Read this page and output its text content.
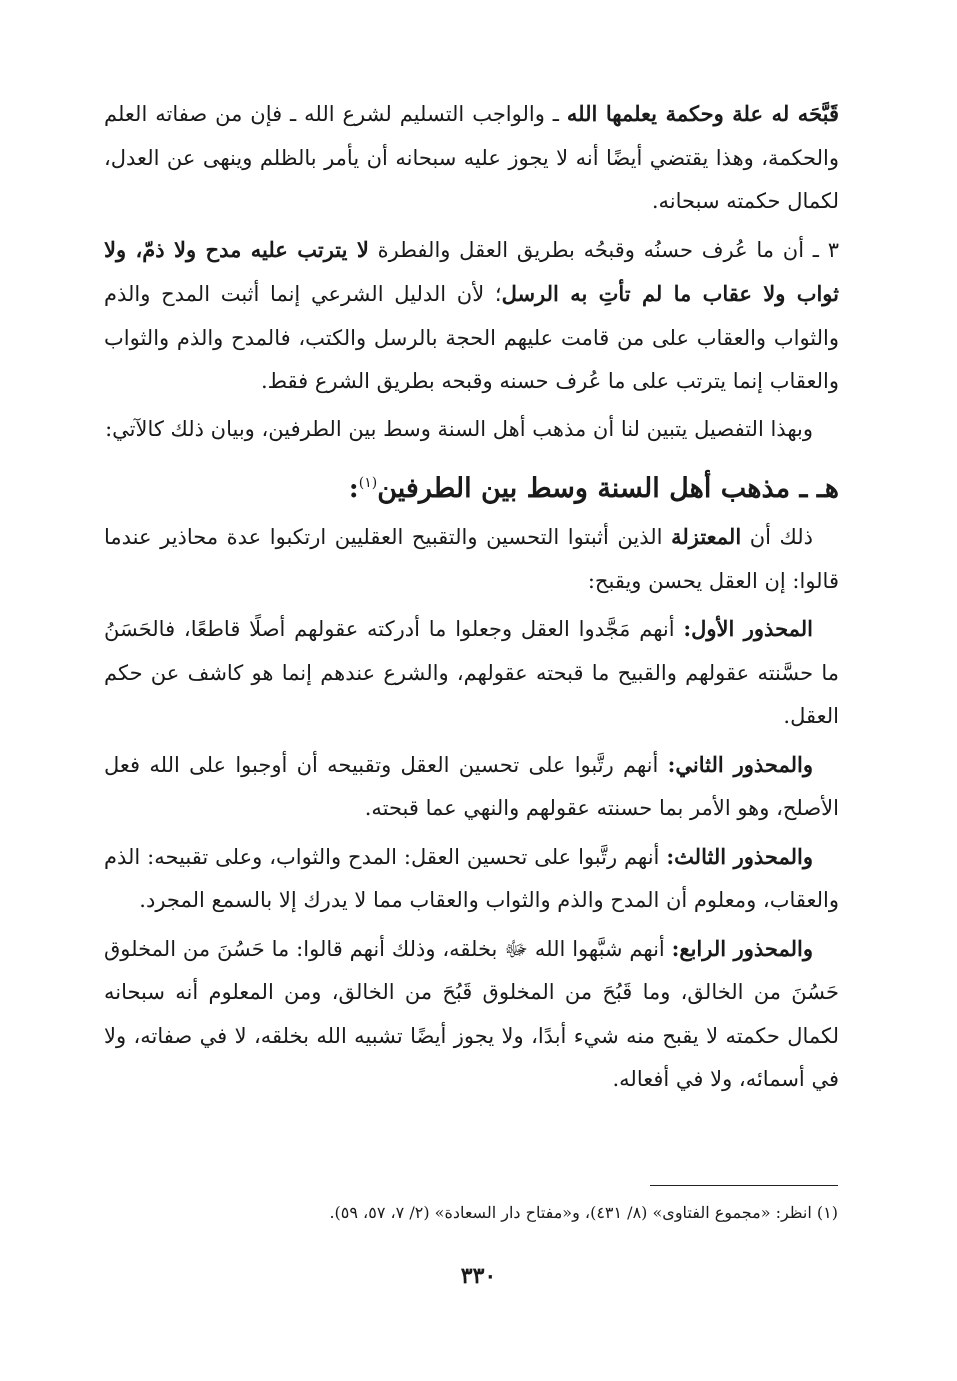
قَبَّحَه له علة وحكمة يعلمها الله ـ والواجب التسليم لشرع الله ـ فإن من صفاته العلم والحكمة، وهذا يقتضي أيضًا أنه لا يجوز عليه سبحانه أن يأمر بالظلم وينهى عن العدل، لكمال حكمته سبحانه.

٣ ـ أن ما عُرف حسنُه وقبحُه بطريق العقل والفطرة لا يترتب عليه مدح ولا ذمّ، ولا ثواب ولا عقاب ما لم تأتِ به الرسل؛ لأن الدليل الشرعي إنما أثبت المدح والذم والثواب والعقاب على من قامت عليهم الحجة بالرسل والكتب، فالمدح والذم والثواب والعقاب إنما يترتب على ما عُرف حسنه وقبحه بطريق الشرع فقط.

وبهذا التفصيل يتبين لنا أن مذهب أهل السنة وسط بين الطرفين، وبيان ذلك كالآتي:

هـ ـ مذهب أهل السنة وسط بين الطرفين$^{(١)}$:

ذلك أن المعتزلة الذين أثبتوا التحسين والتقبيح العقليين ارتكبوا عدة محاذير عندما قالوا: إن العقل يحسن ويقبح:

المحذور الأول: أنهم مَجَّدوا العقل وجعلوا ما أدركته عقولهم أصلًا قاطعًا، فالحَسَنُ ما حسَّنته عقولهم والقبيح ما قبحته عقولهم، والشرع عندهم إنما هو كاشف عن حكم العقل.

والمحذور الثاني: أنهم رتَّبوا على تحسين العقل وتقبيحه أن أوجبوا على الله فعل الأصلح، وهو الأمر بما حسنته عقولهم والنهي عما قبحته.

والمحذور الثالث: أنهم رتَّبوا على تحسين العقل: المدح والثواب، وعلى تقبيحه: الذم والعقاب، ومعلوم أن المدح والذم والثواب والعقاب مما لا يدرك إلا بالسمع المجرد.

والمحذور الرابع: أنهم شبَّهوا الله ﷻ بخلقه، وذلك أنهم قالوا: ما حَسُنَ من المخلوق حَسُنَ من الخالق، وما قَبُحَ من المخلوق قَبُحَ من الخالق، ومن المعلوم أنه سبحانه لكمال حكمته لا يقبح منه شيء أبدًا، ولا يجوز أيضًا تشبيه الله بخلقه، لا في صفاته، ولا في أسمائه، ولا في أفعاله.

(١) انظر: «مجموع الفتاوى» (٨/ ٤٣١)، و«مفتاح دار السعادة» (٢/ ٧، ٥٧، ٥٩).
٣٣٠
